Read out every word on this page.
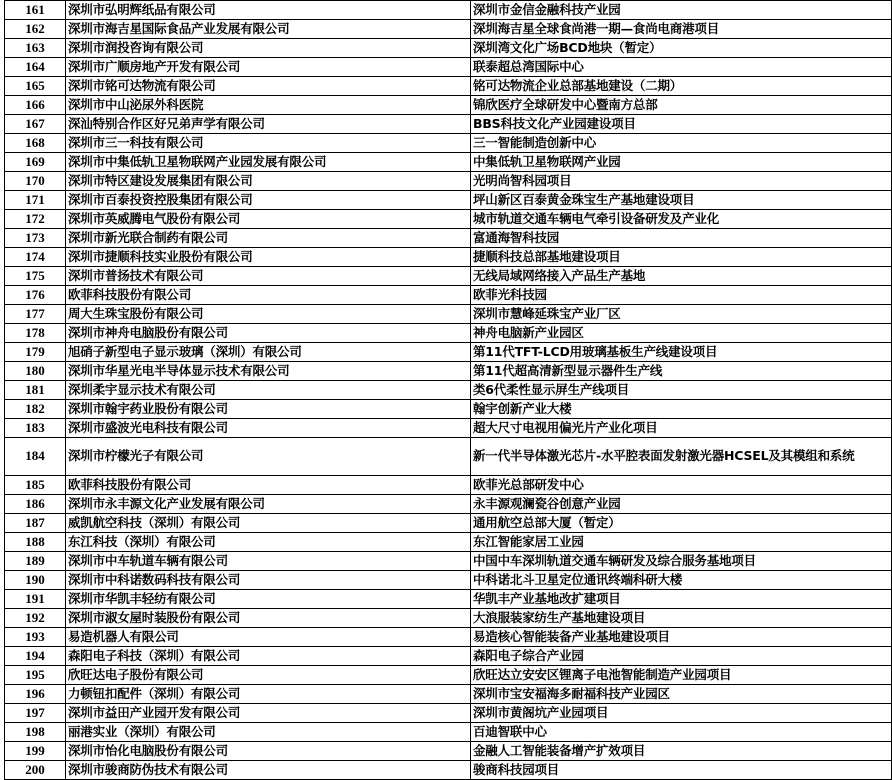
161	深圳市弘明辉纸品有限公司	深圳市金信金融科技产业园
162	深圳市海吉星国际食品产业发展有限公司	深圳海吉星全球食尚港一期—食尚电商港项目
163	深圳市润投咨询有限公司	深圳湾文化广场BCD地块（暂定）
164	深圳市广顺房地产开发有限公司	联泰超总湾国际中心
165	深圳市铭可达物流有限公司	铭可达物流企业总部基地建设（二期）
166	深圳市中山泌尿外科医院	锦欣医疗全球研发中心暨南方总部
167	深汕特别合作区好兄弟声学有限公司	BBS科技文化产业园建设项目
168	深圳市三一科技有限公司	三一智能制造创新中心
169	深圳市中集低轨卫星物联网产业园发展有限公司	中集低轨卫星物联网产业园
170	深圳市特区建设发展集团有限公司	光明尚智科园项目
171	深圳市百泰投资控股集团有限公司	坪山新区百泰黄金珠宝生产基地建设项目
172	深圳市英威腾电气股份有限公司	城市轨道交通车辆电气牵引设备研发及产业化
173	深圳市新光联合制药有限公司	富通海智科技园
174	深圳市捷顺科技实业股份有限公司	捷顺科技总部基地建设项目
175	深圳市普扬技术有限公司	无线局域网络接入产品生产基地
176	欧菲科技股份有限公司	欧菲光科技园
177	周大生珠宝股份有限公司	深圳市慧峰延珠宝产业厂区
178	深圳市神舟电脑股份有限公司	神舟电脑新产业园区
179	旭硝子新型电子显示玻璃（深圳）有限公司	第11代TFT-LCD用玻璃基板生产线建设项目
180	深圳市华星光电半导体显示技术有限公司	第11代超高清新型显示器件生产线
181	深圳柔宇显示技术有限公司	类6代柔性显示屏生产线项目
182	深圳市翰宇药业股份有限公司	翰宇创新产业大楼
183	深圳市盛波光电科技有限公司	超大尺寸电视用偏光片产业化项目
184	深圳市柠檬光子有限公司	新一代半导体激光芯片-水平腔表面发射激光器HCSEL及其模组和系统
185	欧菲科技股份有限公司	欧菲光总部研发中心
186	深圳市永丰源文化产业发展有限公司	永丰源观澜瓷谷创意产业园
187	威凯航空科技（深圳）有限公司	通用航空总部大厦（暂定）
188	东江科技（深圳）有限公司	东江智能家居工业园
189	深圳市中车轨道车辆有限公司	中国中车深圳轨道交通车辆研发及综合服务基地项目
190	深圳市中科诺数码科技有限公司	中科诺北斗卫星定位通讯终端科研大楼
191	深圳市华凯丰轻纺有限公司	华凯丰产业基地改扩建项目
192	深圳市淑女屋时装股份有限公司	大浪服装家纺生产基地建设项目
193	易造机器人有限公司	易造核心智能装备产业基地建设项目
194	森阳电子科技（深圳）有限公司	森阳电子综合产业园
195	欣旺达电子股份有限公司	欣旺达立安安区锂离子电池智能制造产业园项目
196	力顿钮扣配件（深圳）有限公司	深圳市宝安福海多耐福科技产业园区
197	深圳市益田产业园开发有限公司	深圳市黄阁坑产业园项目
198	丽港实业（深圳）有限公司	百迪智联中心
199	深圳市怡化电脑股份有限公司	金融人工智能装备增产扩效项目
200	深圳市骏商防伪技术有限公司	骏商科技园项目
